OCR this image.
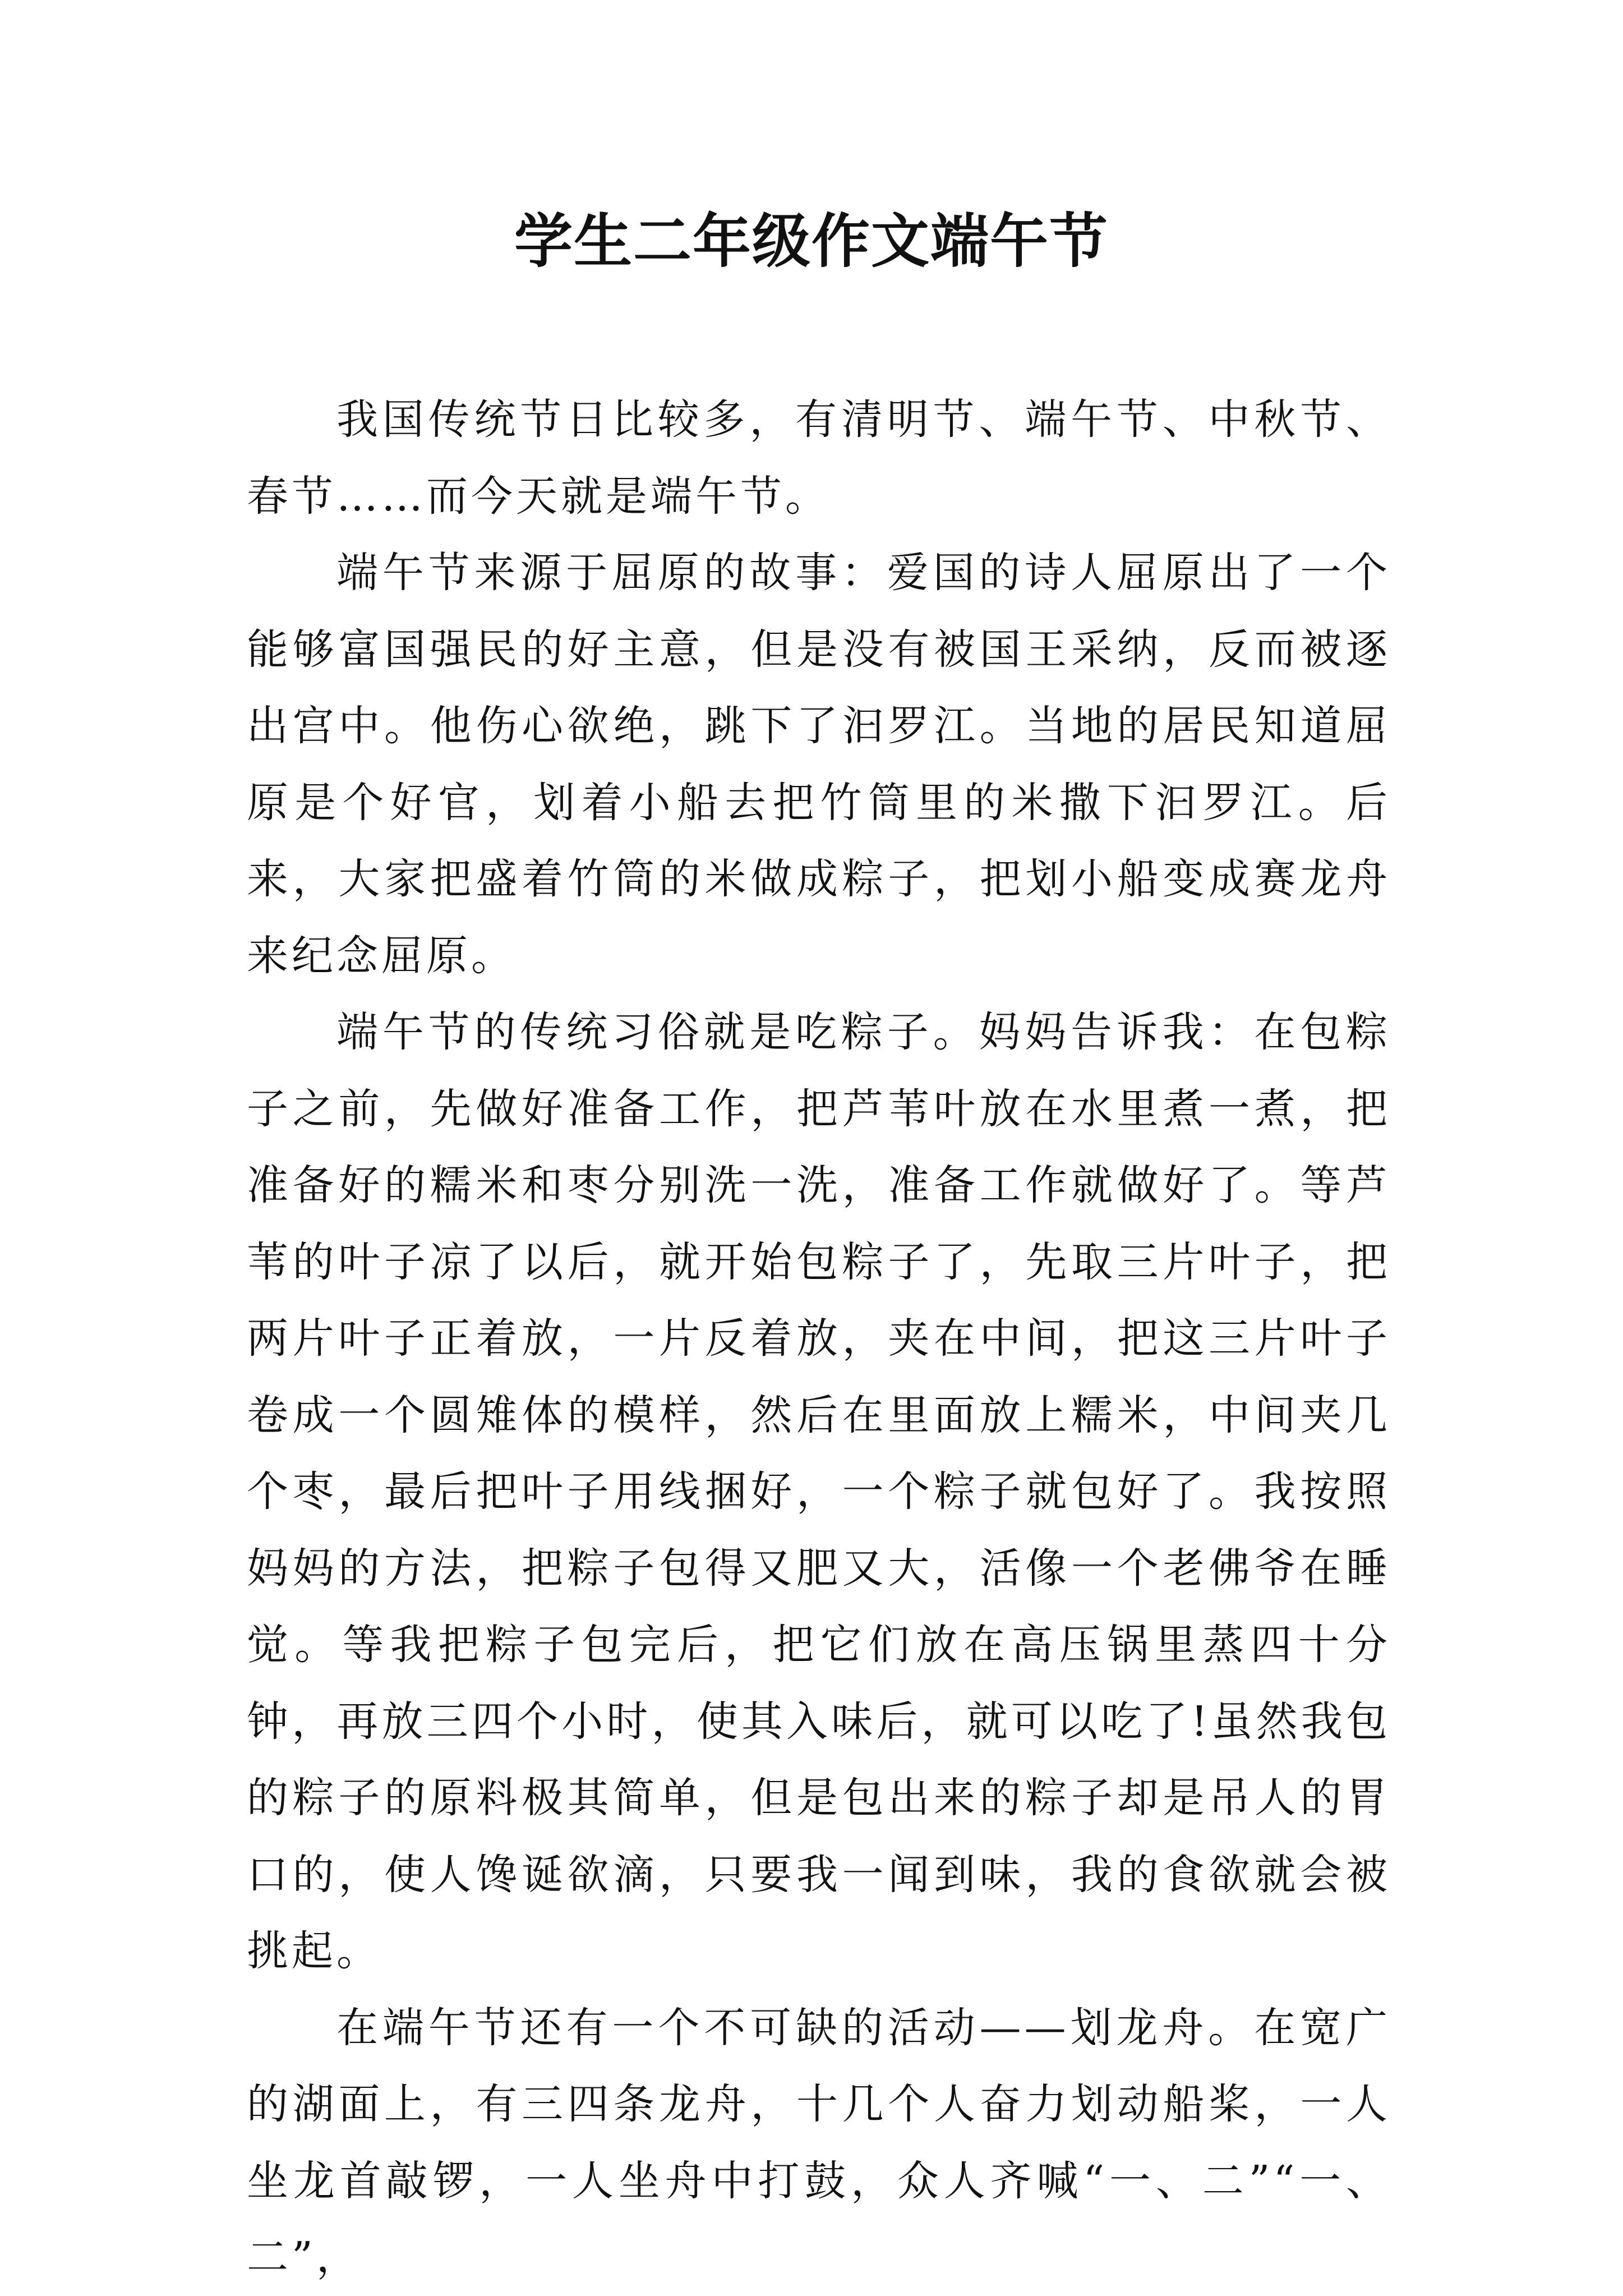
学生二年级作文端午节

我国传统节日比较多，有清明节、端午节、中秋节、春节……而今天就是端午节。

端午节来源于屈原的故事：爱国的诗人屈原出了一个能够富国强民的好主意，但是没有被国王采纳，反而被逐出宫中。他伤心欲绝，跳下了汩罗江。当地的居民知道屈原是个好官，划着小船去把竹筒里的米撒下汩罗江。后来，大家把盛着竹筒的米做成粽子，把划小船变成赛龙舟来纪念屈原。

端午节的传统习俗就是吃粽子。妈妈告诉我：在包粽子之前，先做好准备工作，把芦苇叶放在水里煮一煮，把准备好的糯米和枣分别洗一洗，准备工作就做好了。等芦苇的叶子凉了以后，就开始包粽子了，先取三片叶子，把两片叶子正着放，一片反着放，夹在中间，把这三片叶子卷成一个圆雉体的模样，然后在里面放上糯米，中间夹几个枣，最后把叶子用线捆好，一个粽子就包好了。我按照妈妈的方法，把粽子包得又肥又大，活像一个老佛爷在睡觉。等我把粽子包完后，把它们放在高压锅里蒸四十分钟，再放三四个小时，使其入味后，就可以吃了!虽然我包的粽子的原料极其简单，但是包出来的粽子却是吊人的胃口的，使人馋诞欲滴，只要我一闻到味，我的食欲就会被挑起。

在端午节还有一个不可缺的活动——划龙舟。在宽广的湖面上，有三四条龙舟，十几个人奋力划动船桨，一人坐龙首敲锣，一人坐舟中打鼓，众人齐喊“一、二”“一、二”，
